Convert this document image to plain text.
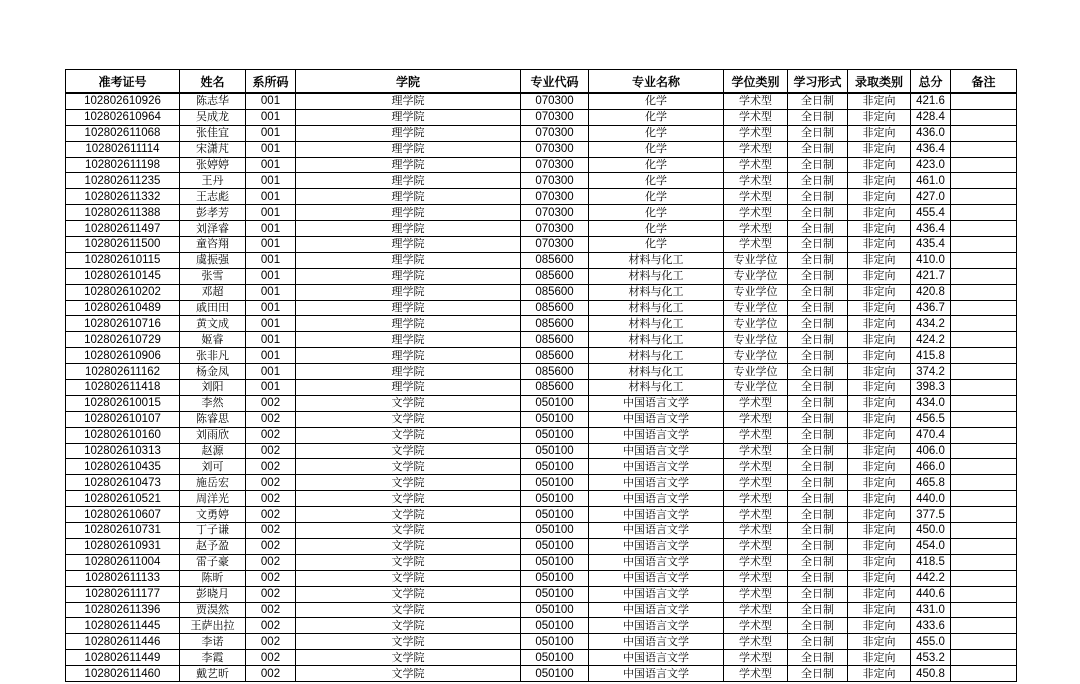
准考证号	姓名	系所码	学院	专业代码	专业名称	学位类别	学习形式	录取类别	总分	备注
102802610926	陈志华	001	理学院	070300	化学	学术型	全日制	非定向	421.6	
102802610964	吴成龙	001	理学院	070300	化学	学术型	全日制	非定向	428.4	
102802611068	张佳宜	001	理学院	070300	化学	学术型	全日制	非定向	436.0	
102802611114	宋潇芃	001	理学院	070300	化学	学术型	全日制	非定向	436.4	
102802611198	张婷婷	001	理学院	070300	化学	学术型	全日制	非定向	423.0	
102802611235	王丹	001	理学院	070300	化学	学术型	全日制	非定向	461.0	
102802611332	王志彪	001	理学院	070300	化学	学术型	全日制	非定向	427.0	
102802611388	彭孝芳	001	理学院	070300	化学	学术型	全日制	非定向	455.4	
102802611497	刘泽睿	001	理学院	070300	化学	学术型	全日制	非定向	436.4	
102802611500	童咨翔	001	理学院	070300	化学	学术型	全日制	非定向	435.4	
102802610115	虞振强	001	理学院	085600	材料与化工	专业学位	全日制	非定向	410.0	
102802610145	张雪	001	理学院	085600	材料与化工	专业学位	全日制	非定向	421.7	
102802610202	邓超	001	理学院	085600	材料与化工	专业学位	全日制	非定向	420.8	
102802610489	戚田田	001	理学院	085600	材料与化工	专业学位	全日制	非定向	436.7	
102802610716	黄文成	001	理学院	085600	材料与化工	专业学位	全日制	非定向	434.2	
102802610729	姬睿	001	理学院	085600	材料与化工	专业学位	全日制	非定向	424.2	
102802610906	张非凡	001	理学院	085600	材料与化工	专业学位	全日制	非定向	415.8	
102802611162	杨金凤	001	理学院	085600	材料与化工	专业学位	全日制	非定向	374.2	
102802611418	刘阳	001	理学院	085600	材料与化工	专业学位	全日制	非定向	398.3	
102802610015	李然	002	文学院	050100	中国语言文学	学术型	全日制	非定向	434.0	
102802610107	陈睿思	002	文学院	050100	中国语言文学	学术型	全日制	非定向	456.5	
102802610160	刘雨欣	002	文学院	050100	中国语言文学	学术型	全日制	非定向	470.4	
102802610313	赵源	002	文学院	050100	中国语言文学	学术型	全日制	非定向	406.0	
102802610435	刘可	002	文学院	050100	中国语言文学	学术型	全日制	非定向	466.0	
102802610473	施岳宏	002	文学院	050100	中国语言文学	学术型	全日制	非定向	465.8	
102802610521	周洋光	002	文学院	050100	中国语言文学	学术型	全日制	非定向	440.0	
102802610607	文勇婷	002	文学院	050100	中国语言文学	学术型	全日制	非定向	377.5	
102802610731	丁子谦	002	文学院	050100	中国语言文学	学术型	全日制	非定向	450.0	
102802610931	赵予盈	002	文学院	050100	中国语言文学	学术型	全日制	非定向	454.0	
102802611004	雷子豪	002	文学院	050100	中国语言文学	学术型	全日制	非定向	418.5	
102802611133	陈昕	002	文学院	050100	中国语言文学	学术型	全日制	非定向	442.2	
102802611177	彭晓月	002	文学院	050100	中国语言文学	学术型	全日制	非定向	440.6	
102802611396	贾淏然	002	文学院	050100	中国语言文学	学术型	全日制	非定向	431.0	
102802611445	王萨出拉	002	文学院	050100	中国语言文学	学术型	全日制	非定向	433.6	
102802611446	李诺	002	文学院	050100	中国语言文学	学术型	全日制	非定向	455.0	
102802611449	李霞	002	文学院	050100	中国语言文学	学术型	全日制	非定向	453.2	
102802611460	戴艺昕	002	文学院	050100	中国语言文学	学术型	全日制	非定向	450.8	
